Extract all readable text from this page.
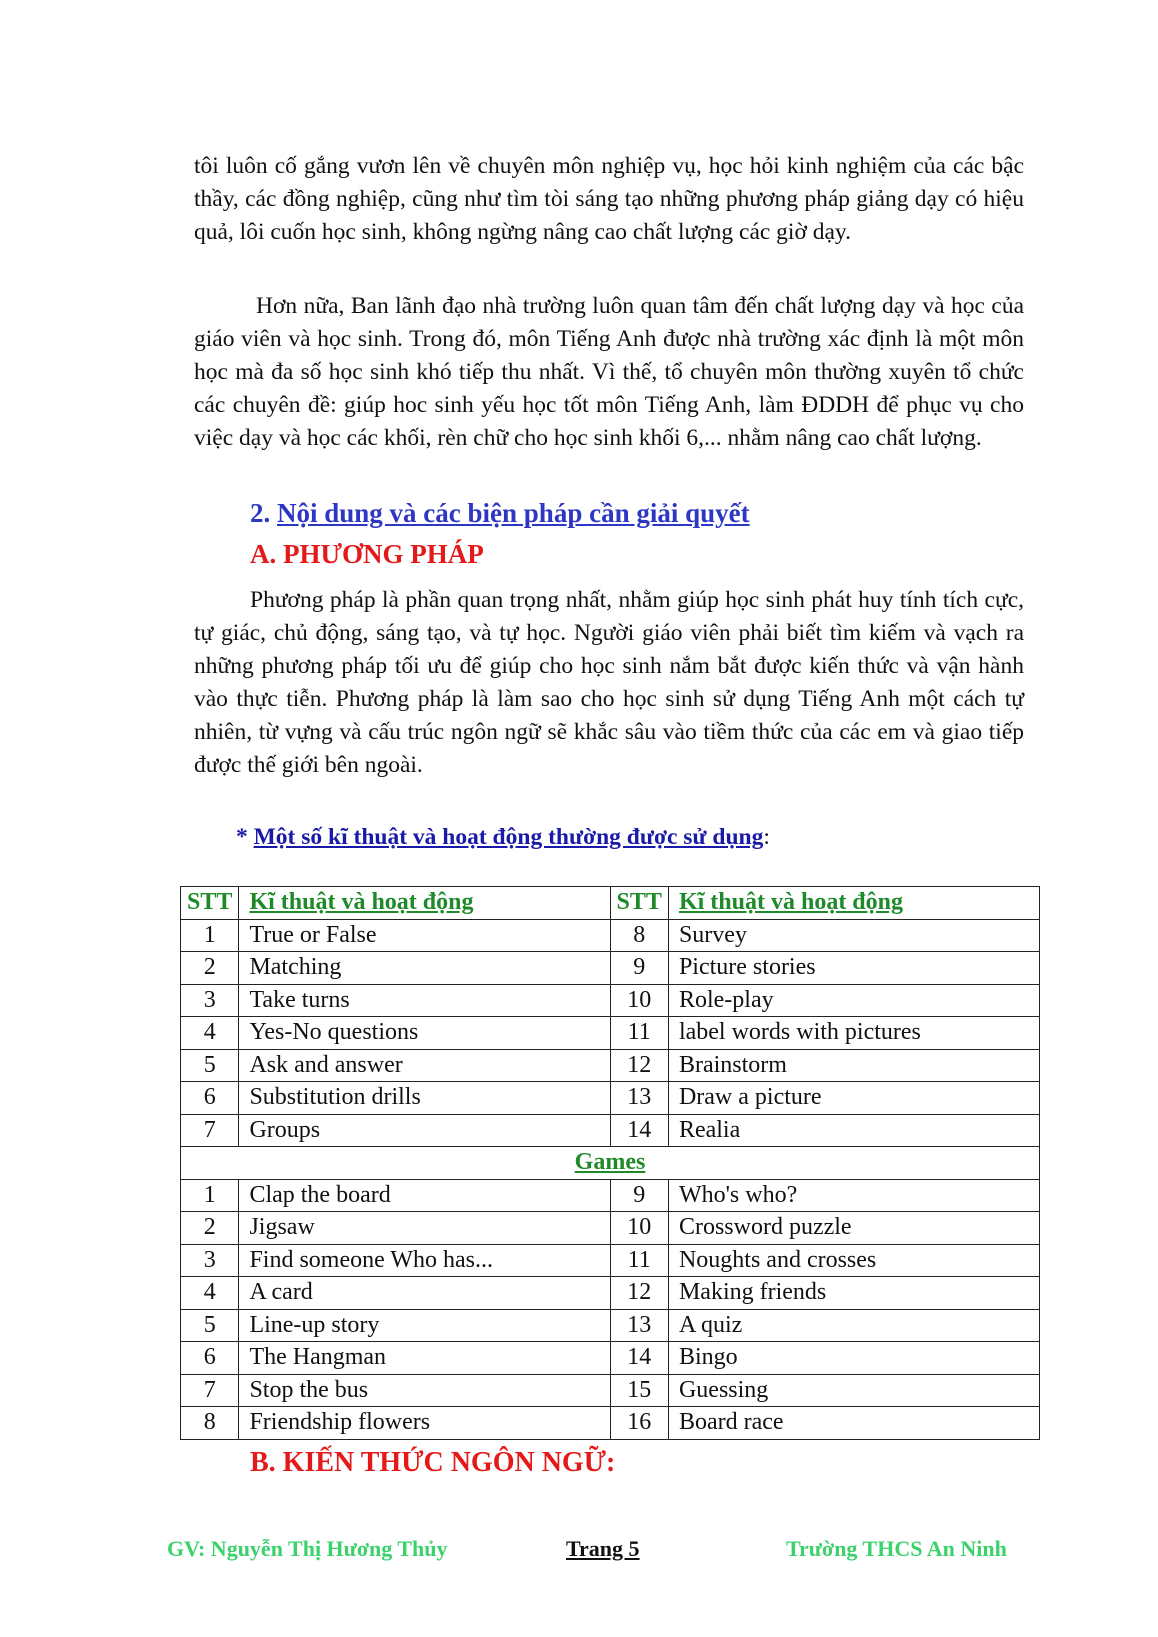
tôi luôn cố gắng vươn lên về chuyên môn nghiệp vụ, học hỏi kinh nghiệm của các bậc thầy, các đồng nghiệp, cũng như tìm tòi sáng tạo những phương pháp giảng dạy có hiệu quả, lôi cuốn học sinh, không ngừng nâng cao chất lượng các giờ dạy.

Hơn nữa, Ban lãnh đạo nhà trường luôn quan tâm đến chất lượng dạy và học của giáo viên và học sinh. Trong đó, môn Tiếng Anh được nhà trường xác định là một môn học mà đa số học sinh khó tiếp thu nhất. Vì thế, tổ chuyên môn thường xuyên tổ chức các chuyên đề: giúp hoc sinh yếu học tốt môn Tiếng Anh, làm ĐDDH để phục vụ cho việc dạy và học các khối, rèn chữ cho học sinh khối 6,... nhằm nâng cao chất lượng.

2. Nội dung và các biện pháp cần giải quyết
A. PHƯƠNG PHÁP

Phương pháp là phần quan trọng nhất, nhằm giúp học sinh phát huy tính tích cực, tự giác, chủ động, sáng tạo, và tự học. Người giáo viên phải biết tìm kiếm và vạch ra những phương pháp tối ưu để giúp cho học sinh nắm bắt được kiến thức và vận hành vào thực tiễn. Phương pháp là làm sao cho học sinh sử dụng Tiếng Anh một cách tự nhiên, từ vựng và cấu trúc ngôn ngữ sẽ khắc sâu vào tiềm thức của các em và giao tiếp được thế giới bên ngoài.

* Một số kĩ thuật và hoạt động thường được sử dụng:

STT	Kĩ thuật và hoạt động	STT	Kĩ thuật và hoạt động
1	True or False	8	Survey
2	Matching	9	Picture stories
3	Take turns	10	Role-play
4	Yes-No questions	11	label words with pictures
5	Ask and answer	12	Brainstorm
6	Substitution drills	13	Draw a picture
7	Groups	14	Realia
Games			
1	Clap the board	9	Who's who?
2	Jigsaw	10	Crossword puzzle
3	Find someone Who has...	11	Noughts and crosses
4	A card	12	Making friends
5	Line-up story	13	A quiz
6	The Hangman	14	Bingo
7	Stop the bus	15	Guessing
8	Friendship flowers	16	Board race
B. KIẾN THỨC NGÔN NGỮ:
GV: Nguyễn Thị Hương Thủy	Trang 5	Trường THCS An Ninh
